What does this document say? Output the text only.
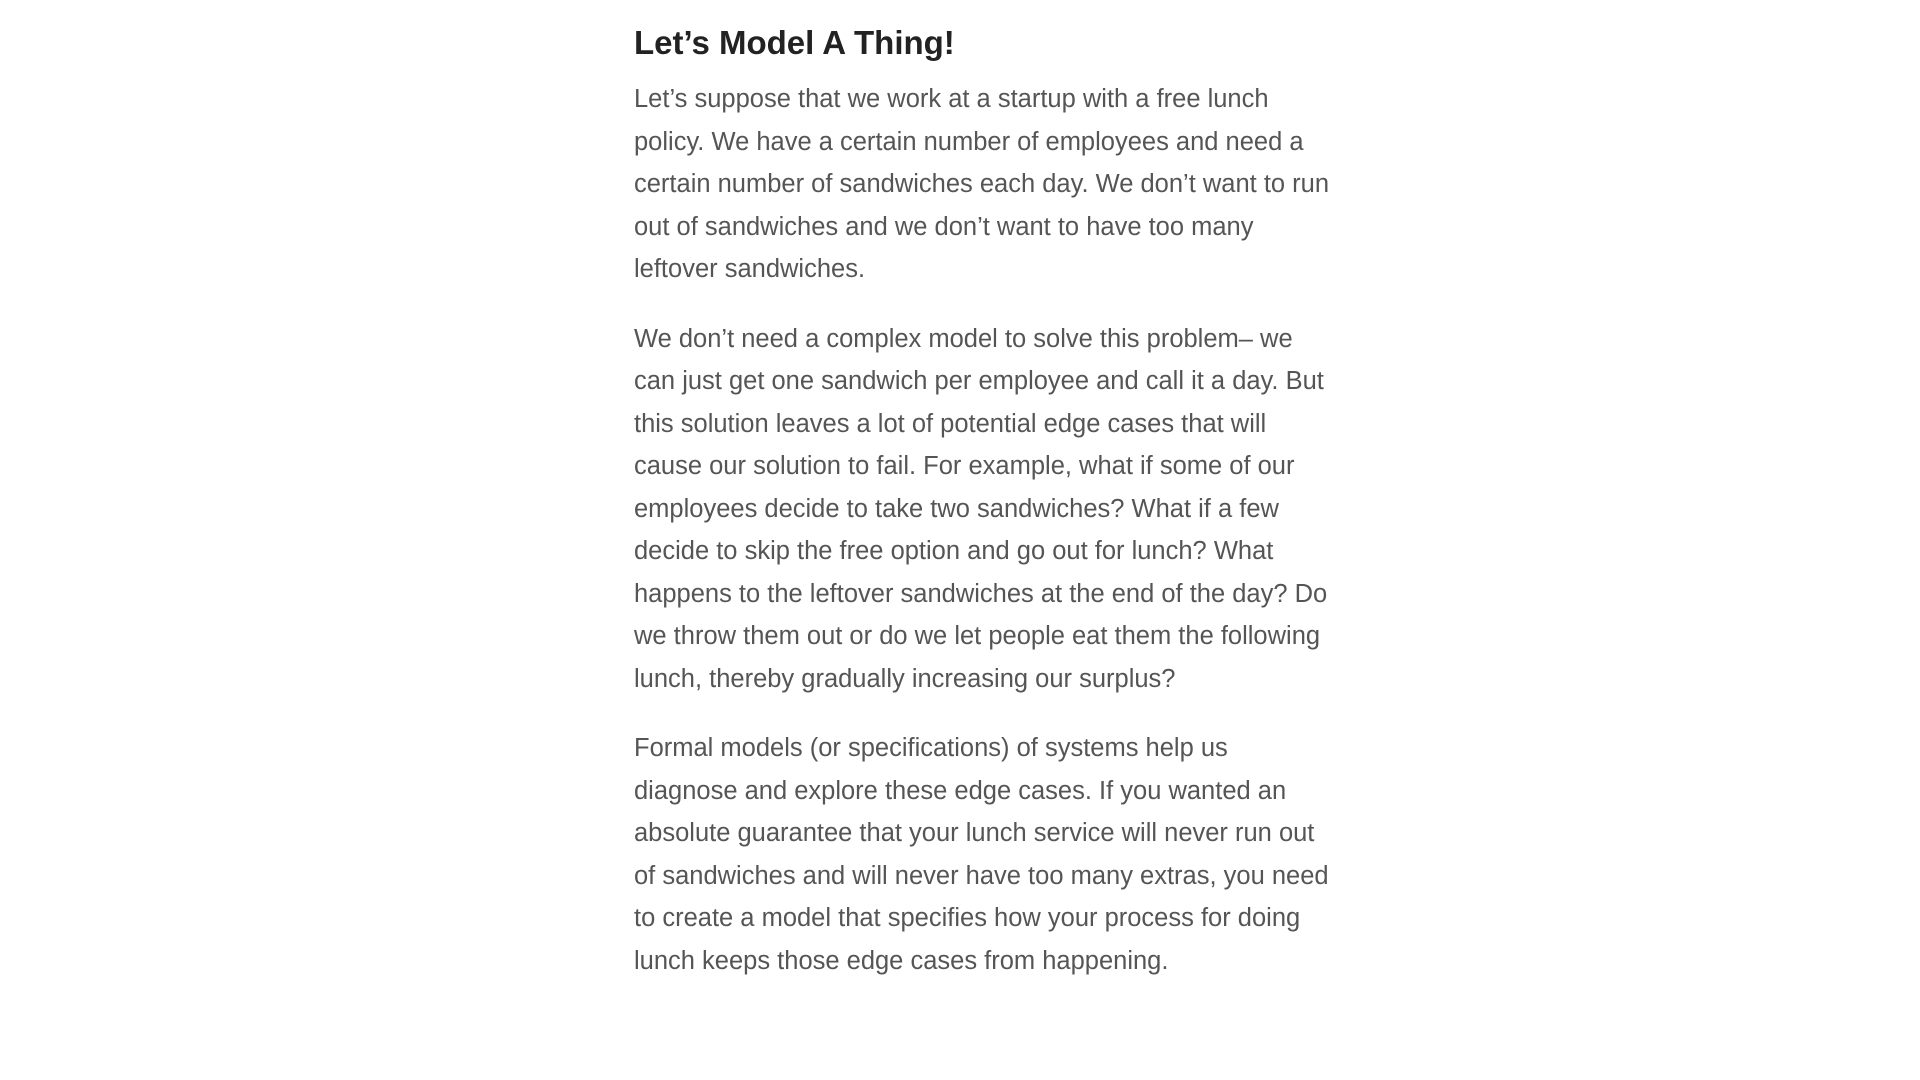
Let’s Model A Thing!

Let’s suppose that we work at a startup with a free lunch policy. We have a certain number of employees and need a certain number of sandwiches each day. We don’t want to run out of sandwiches and we don’t want to have too many leftover sandwiches.

We don’t need a complex model to solve this problem– we can just get one sandwich per employee and call it a day. But this solution leaves a lot of potential edge cases that will cause our solution to fail. For example, what if some of our employees decide to take two sandwiches? What if a few decide to skip the free option and go out for lunch? What happens to the leftover sandwiches at the end of the day? Do we throw them out or do we let people eat them the following lunch, thereby gradually increasing our surplus?

Formal models (or specifications) of systems help us diagnose and explore these edge cases. If you wanted an absolute guarantee that your lunch service will never run out of sandwiches and will never have too many extras, you need to create a model that specifies how your process for doing lunch keeps those edge cases from happening.
